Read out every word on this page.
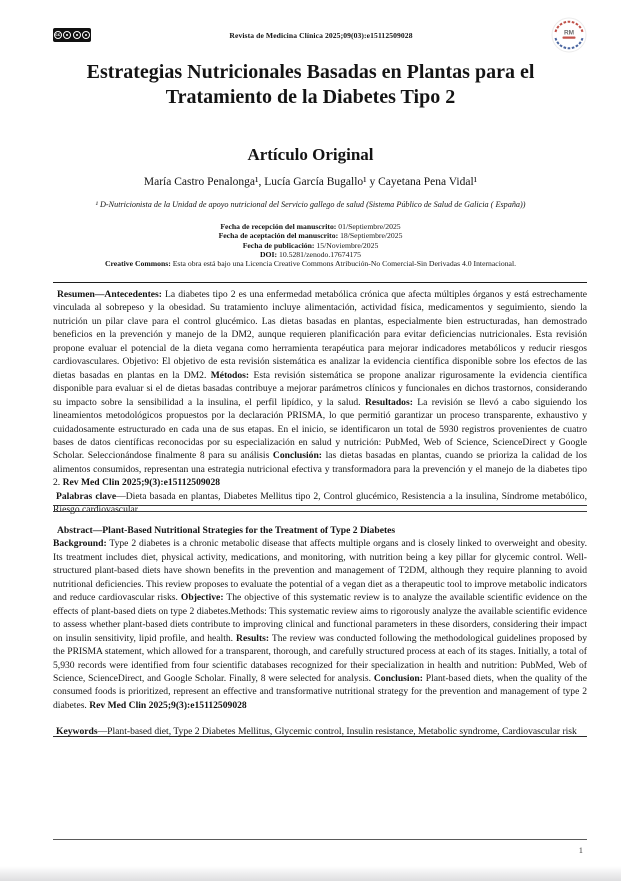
cc	Revista de Medicina Clínica 2025;09(03):e15112509028	RM
Estrategias Nutricionales Basadas en Plantas para el
Tratamiento de la Diabetes Tipo 2
Artículo Original
María Castro Penalonga¹, Lucía García Bugallo¹ y Cayetana Pena Vidal¹
¹ D-Nutricionista de la Unidad de apoyo nutricional del Servicio gallego de salud (Sistema Público de Salud de Galicia ( España))
Fecha de recepción del manuscrito: 01/Septiembre/2025
Fecha de aceptación del manuscrito: 18/Septiembre/2025
Fecha de publicación: 15/Noviembre/2025
DOI: 10.5281/zenodo.17674175
Creative Commons: Esta obra está bajo una Licencia Creative Commons Atribución-No Comercial-Sin Derivadas 4.0 Internacional.

Resumen—Antecedentes: La diabetes tipo 2 es una enfermedad metabólica crónica que afecta múltiples órganos y está estrechamente vinculada al sobrepeso y la obesidad. Su tratamiento incluye alimentación, actividad física, medicamentos y seguimiento, siendo la nutrición un pilar clave para el control glucémico. Las dietas basadas en plantas, especialmente bien estructuradas, han demostrado beneficios en la prevención y manejo de la DM2, aunque requieren planificación para evitar deficiencias nutricionales. Esta revisión propone evaluar el potencial de la dieta vegana como herramienta terapéutica para mejorar indicadores metabólicos y reducir riesgos cardiovasculares. Objetivo: El objetivo de esta revisión sistemática es analizar la evidencia científica disponible sobre los efectos de las dietas basadas en plantas en la DM2. Métodos: Esta revisión sistemática se propone analizar rigurosamente la evidencia científica disponible para evaluar si el de dietas basadas contribuye a mejorar parámetros clínicos y funcionales en dichos trastornos, considerando su impacto sobre la sensibilidad a la insulina, el perfil lipídico, y la salud. Resultados: La revisión se llevó a cabo siguiendo los lineamientos metodológicos propuestos por la declaración PRISMA, lo que permitió garantizar un proceso transparente, exhaustivo y cuidadosamente estructurado en cada una de sus etapas. En el inicio, se identificaron un total de 5930 registros provenientes de cuatro bases de datos científicas reconocidas por su especialización en salud y nutrición: PubMed, Web of Science, ScienceDirect y Google Scholar. Seleccionándose finalmente 8 para su análisis Conclusión: las dietas basadas en plantas, cuando se prioriza la calidad de los alimentos consumidos, representan una estrategia nutricional efectiva y transformadora para la prevención y el manejo de la diabetes tipo 2. Rev Med Clin 2025;9(3):e15112509028

Palabras clave—Dieta basada en plantas, Diabetes Mellitus tipo 2, Control glucémico, Resistencia a la insulina, Síndrome metabólico, Riesgo cardiovascular

Abstract—Plant-Based Nutritional Strategies for the Treatment of Type 2 Diabetes

Background: Type 2 diabetes is a chronic metabolic disease that affects multiple organs and is closely linked to overweight and obesity. Its treatment includes diet, physical activity, medications, and monitoring, with nutrition being a key pillar for glycemic control. Well-structured plant-based diets have shown benefits in the prevention and management of T2DM, although they require planning to avoid nutritional deficiencies. This review proposes to evaluate the potential of a vegan diet as a therapeutic tool to improve metabolic indicators and reduce cardiovascular risks. Objective: The objective of this systematic review is to analyze the available scientific evidence on the effects of plant-based diets on type 2 diabetes.Methods: This systematic review aims to rigorously analyze the available scientific evidence to assess whether plant-based diets contribute to improving clinical and functional parameters in these disorders, considering their impact on insulin sensitivity, lipid profile, and health. Results: The review was conducted following the methodological guidelines proposed by the PRISMA statement, which allowed for a transparent, thorough, and carefully structured process at each of its stages. Initially, a total of 5,930 records were identified from four scientific databases recognized for their specialization in health and nutrition: PubMed, Web of Science, ScienceDirect, and Google Scholar. Finally, 8 were selected for analysis. Conclusion: Plant-based diets, when the quality of the consumed foods is prioritized, represent an effective and transformative nutritional strategy for the prevention and management of type 2 diabetes. Rev Med Clin 2025;9(3):e15112509028

Keywords—Plant-based diet, Type 2 Diabetes Mellitus, Glycemic control, Insulin resistance, Metabolic syndrome, Cardiovascular risk

1
